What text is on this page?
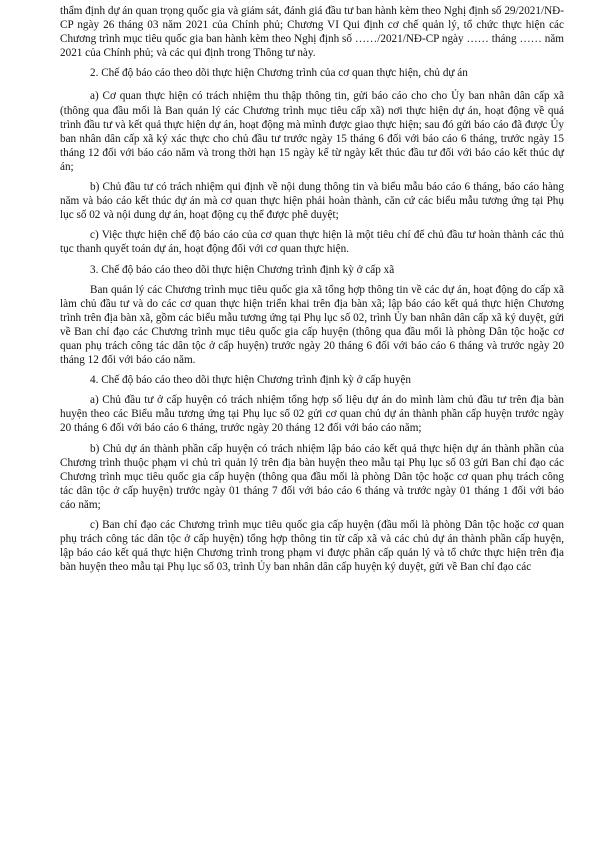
thẩm định dự án quan trọng quốc gia và giám sát, đánh giá đầu tư ban hành kèm theo Nghị định số 29/2021/NĐ-CP ngày 26 tháng 03 năm 2021 của Chính phủ; Chương VI Qui định cơ chế quản lý, tổ chức thực hiện các Chương trình mục tiêu quốc gia ban hành kèm theo Nghị định số ……/2021/NĐ-CP ngày …… tháng …… năm 2021 của Chính phủ; và các qui định trong Thông tư này.

2. Chế độ báo cáo theo dõi thực hiện Chương trình của cơ quan thực hiện, chủ dự án

a) Cơ quan thực hiện có trách nhiệm thu thập thông tin, gửi báo cáo cho cho Ủy ban nhân dân cấp xã (thông qua đầu mối là Ban quản lý các Chương trình mục tiêu cấp xã) nơi thực hiện dự án, hoạt động về quá trình đầu tư và kết quả thực hiện dự án, hoạt động mà mình được giao thực hiện; sau đó gửi báo cáo đã được Ủy ban nhân dân cấp xã ký xác thực cho chủ đầu tư trước ngày 15 tháng 6 đối với báo cáo 6 tháng, trước ngày 15 tháng 12 đối với báo cáo năm và trong thời hạn 15 ngày kể từ ngày kết thúc đầu tư đối với báo cáo kết thúc dự án;

b) Chủ đầu tư có trách nhiệm qui định về nội dung thông tin và biểu mẫu báo cáo 6 tháng, báo cáo hàng năm và báo cáo kết thúc dự án mà cơ quan thực hiện phải hoàn thành, căn cứ các biểu mẫu tương ứng tại Phụ lục số 02 và nội dung dự án, hoạt động cụ thể được phê duyệt;

c) Việc thực hiện chế độ báo cáo của cơ quan thực hiện là một tiêu chí để chủ đầu tư hoàn thành các thủ tục thanh quyết toán dự án, hoạt động đối với cơ quan thực hiện.

3. Chế độ báo cáo theo dõi thực hiện Chương trình định kỳ ở cấp xã

Ban quản lý các Chương trình mục tiêu quốc gia xã tổng hợp thông tin về các dự án, hoạt động do cấp xã làm chủ đầu tư và do các cơ quan thực hiện triển khai trên địa bàn xã; lập báo cáo kết quả thực hiện Chương trình trên địa bàn xã, gồm các biểu mẫu tương ứng tại Phụ lục số 02, trình Ủy ban nhân dân cấp xã ký duyệt, gửi về Ban chỉ đạo các Chương trình mục tiêu quốc gia cấp huyện (thông qua đầu mối là phòng Dân tộc hoặc cơ quan phụ trách công tác dân tộc ở cấp huyện) trước ngày 20 tháng 6 đối với báo cáo 6 tháng và trước ngày 20 tháng 12 đối với báo cáo năm.

4. Chế độ báo cáo theo dõi thực hiện Chương trình định kỳ ở cấp huyện

a) Chủ đầu tư ở cấp huyện có trách nhiệm tổng hợp số liệu dự án do mình làm chủ đầu tư trên địa bàn huyện theo các Biểu mẫu tương ứng tại Phụ lục số 02 gửi cơ quan chủ dự án thành phần cấp huyện trước ngày 20 tháng 6 đối với báo cáo 6 tháng, trước ngày 20 tháng 12 đối với báo cáo năm;

b) Chủ dự án thành phần cấp huyện có trách nhiệm lập báo cáo kết quả thực hiện dự án thành phần của Chương trình thuộc phạm vi chủ trì quản lý trên địa bàn huyện theo mẫu tại Phụ lục số 03 gửi Ban chỉ đạo các Chương trình mục tiêu quốc gia cấp huyện (thông qua đầu mối là phòng Dân tộc hoặc cơ quan phụ trách công tác dân tộc ở cấp huyện) trước ngày 01 tháng 7 đối với báo cáo 6 tháng và trước ngày 01 tháng 1 đối với báo cáo năm;

c) Ban chỉ đạo các Chương trình mục tiêu quốc gia cấp huyện (đầu mối là phòng Dân tộc hoặc cơ quan phụ trách công tác dân tộc ở cấp huyện) tổng hợp thông tin từ cấp xã và các chủ dự án thành phần cấp huyện, lập báo cáo kết quả thực hiện Chương trình trong phạm vi được phân cấp quản lý và tổ chức thực hiện trên địa bàn huyện theo mẫu tại Phụ lục số 03, trình Ủy ban nhân dân cấp huyện ký duyệt, gửi về Ban chỉ đạo các
